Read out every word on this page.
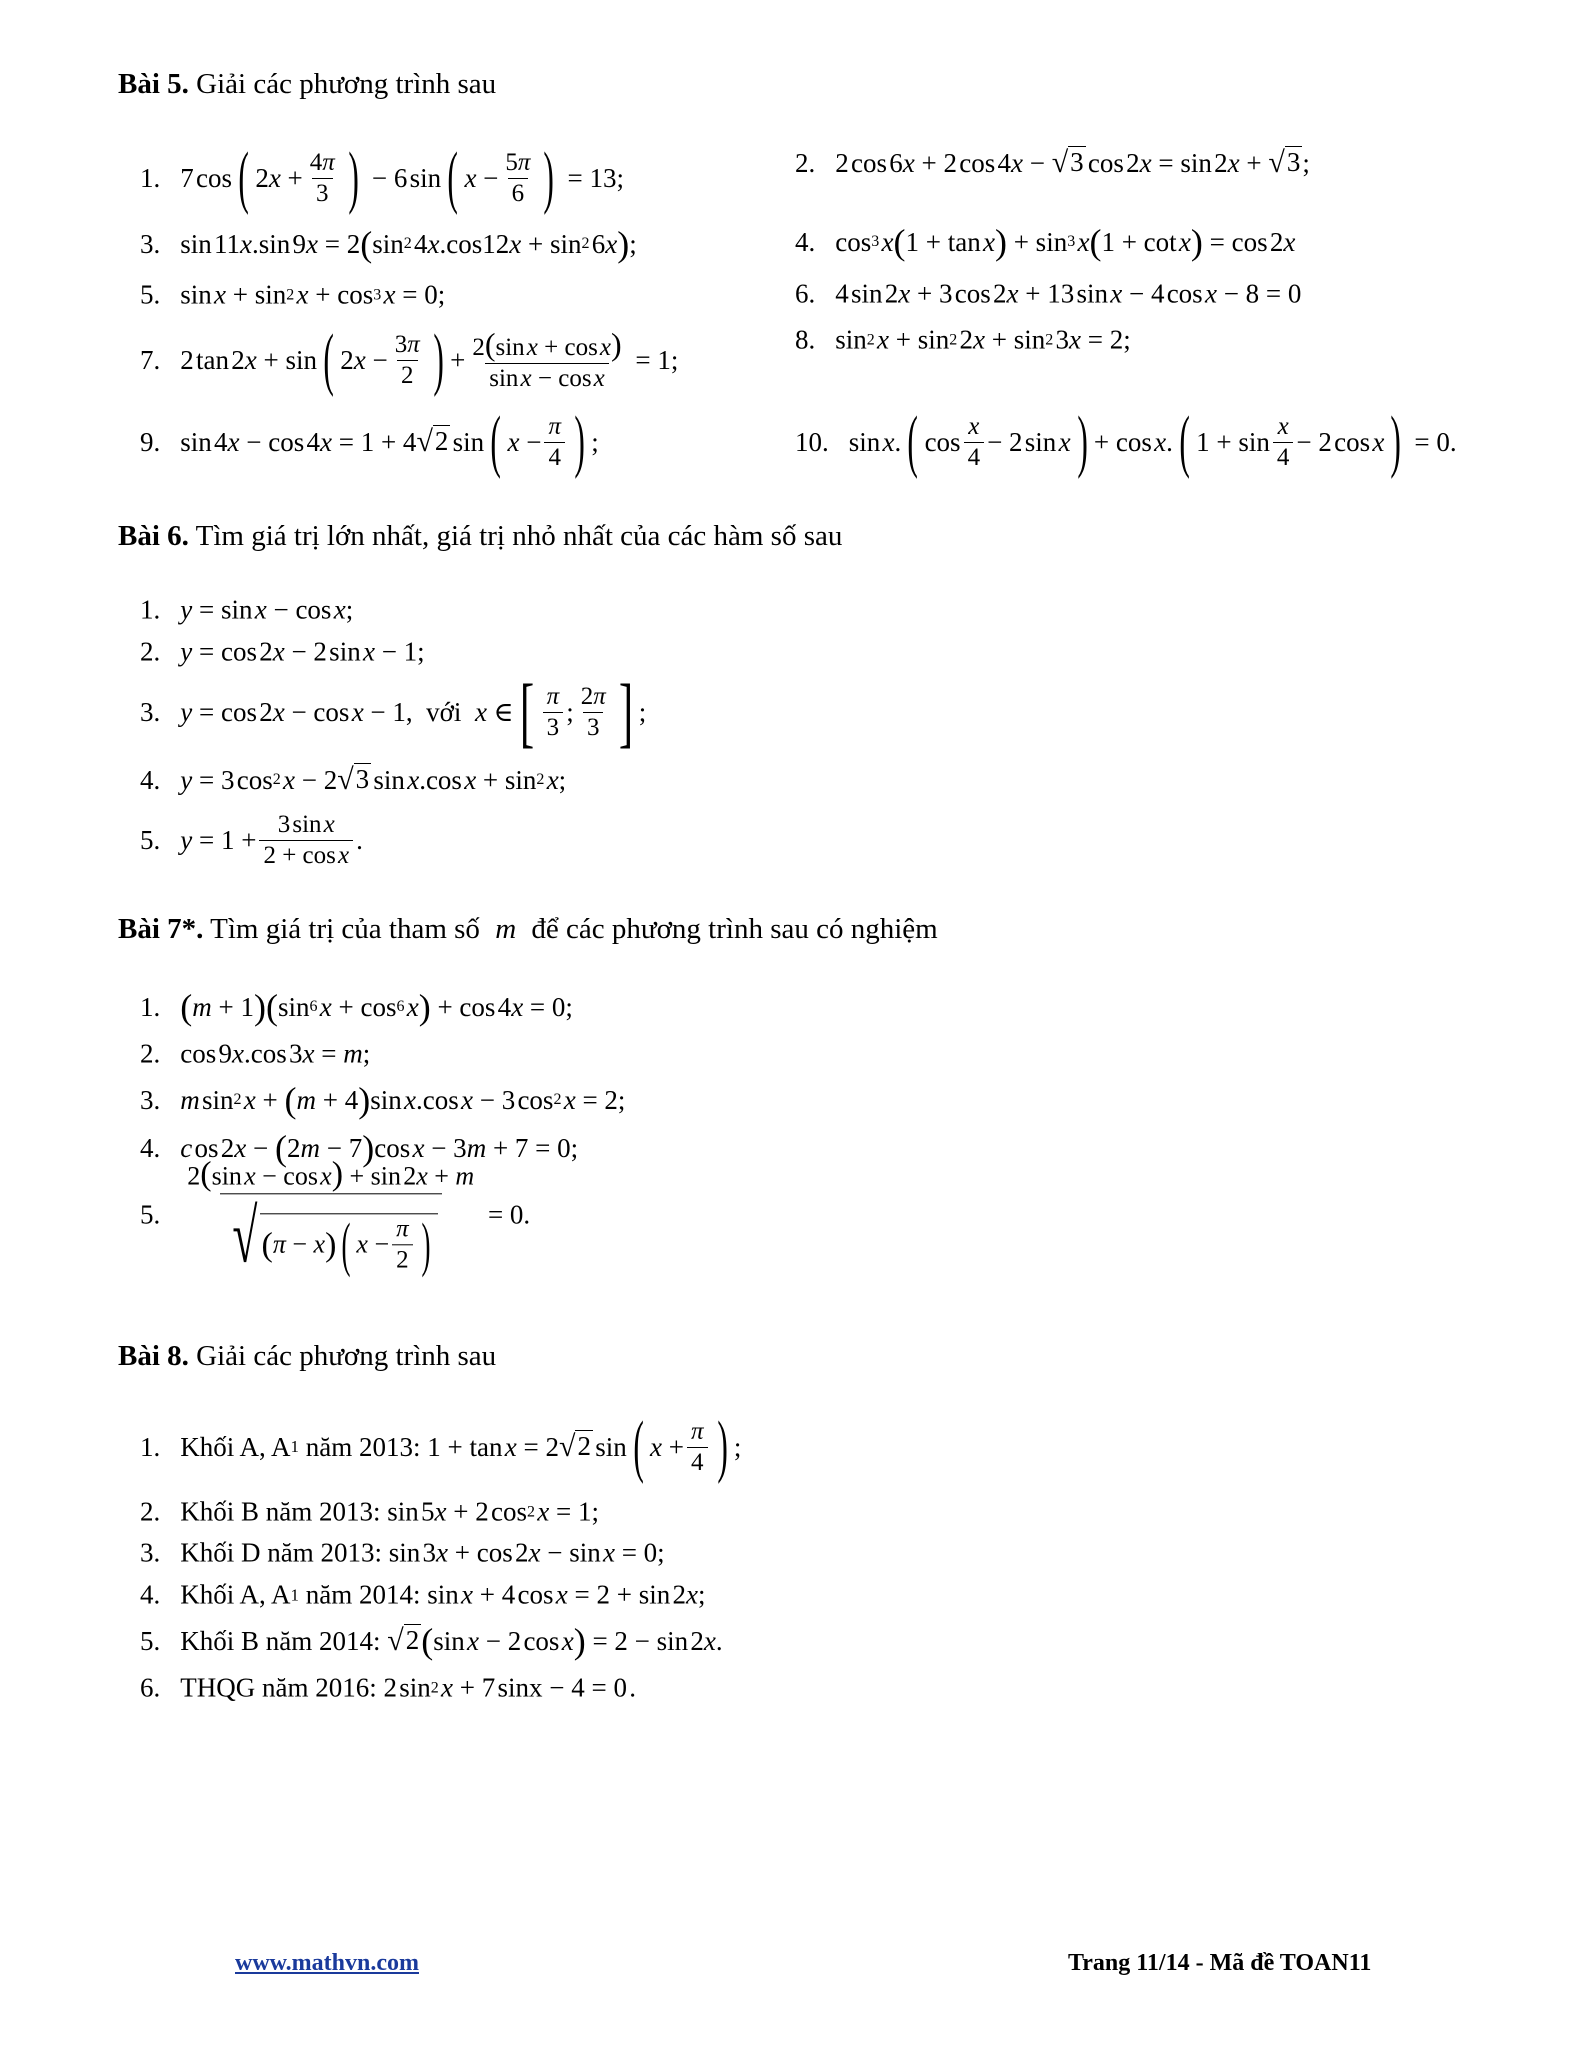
Bài 5. Giải các phương trình sau
1. 7 cos ( 2 $x + \frac{4\pi}{3}$ ) − 6 sin ( $x - \frac{5\pi}{6}$ ) = 13;	2. 2 cos 6 x + 2 cos 4 x − √ 3  cos 2 x = sin 2 x + √ 3 ;
3. sin 11 x .sin 9 x = 2 ( sin 2  4 x .cos12 x + sin 2  6 x ) ;	4. cos 3
  x ( 1 + tan  x ) + sin 3
  x ( 1 + cot  x ) = cos 2 x
5. sin  x + sin 2
  x + cos 3
  x = 0;	6. 4 sin 2 x + 3 cos 2 x + 13 sin  x − 4 cos  x − 8 = 0
7. 2 tan 2 x + sin ( 2 $x - \frac{3\pi}{2}$ ) + $\frac{\text{2(sin x + cos x)}}{\text{sin x − cos x}} = 1$;
8. sin 2
  x + sin 2  2 x + sin 2  3 x = 2;
9. sin 4 x − cos 4 x = 1 + 4 √ 2  sin ( $x - \frac{\pi}{4}$ ) ;	10. sin  x . ( $\cos \frac{x}{4} - 2$ sin  x ) + cos  x . ( $1 + \sin \frac{x}{4} - 2$ cos  x ) = 0.
Bài 6. Tìm giá trị lớn nhất, giá trị nhỏ nhất của các hàm số sau
1. y = sin  x − cos  x ;
2. y = cos 2 x − 2 sin  x − 1;
3. y = cos 2 x − cos  x − 1, với
x ∈ [ $\frac{\pi}{3}$ ; $\frac{2\pi}{3}$ ] ;
4. y = 3 cos 2
  x − 2 √ 3  sin  x .cos  x + sin 2
  x ;
5. $y = 1 + \frac{\text{3 sin x}}{\text{2 + cos x}}$ .
Bài 7*. Tìm giá trị của tham số m để các phương trình sau có nghiệm
1. ( m + 1 )( sin 6
  x + cos 6
  x ) + cos 4 x = 0;
2. cos 9 x .cos 3 x = m ;
3. m  sin 2
  x + ( m + 4 ) sin  x .cos  x − 3 cos 2
  x = 2;
4. c  os 2 x − ( 2 m − 7 ) cos  x − 3 m + 7 = 0;
5. $\frac{\text{2(sin x − cos x) + sin 2x + m}}{√ ( \pi - x ) ( x - \frac{\pi}{2} )} = 0$.
Bài 8. Giải các phương trình sau
1. Khối A, A 1 năm 2013:
1 + tan  x = 2 √ 2  sin ( $x + \frac{\pi}{4}$ ) ;
2. Khối B năm 2013:
sin 5 x + 2 cos 2
  x = 1;
3. Khối D năm 2013:
sin 3 x + cos 2 x − sin  x = 0;
4. Khối A, A 1 năm 2014:
sin  x + 4 cos  x = 2 + sin 2 x ;
5. Khối B năm 2014:
√ 2 ( sin  x − 2 cos  x ) = 2 − sin 2 x .
6. THQG năm 2016:
2 sin 2
  x + 7 sinx − 4 = 0 .
www.mathvn.com	Trang 11/14 - Mã đề TOAN11
